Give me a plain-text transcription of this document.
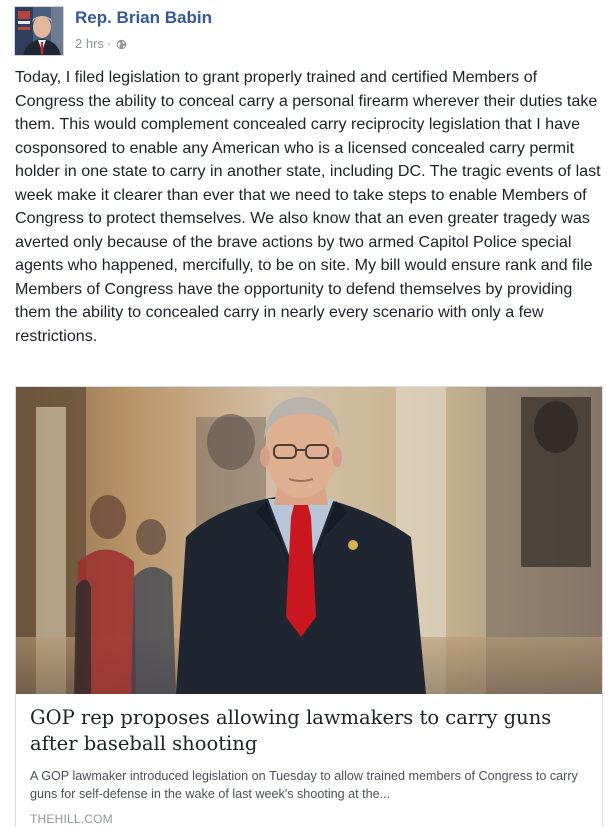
Rep. Brian Babin
2 hrs ·

Today, I filed legislation to grant properly trained and certified Members of Congress the ability to conceal carry a personal firearm wherever their duties take them. This would complement concealed carry reciprocity legislation that I have cosponsored to enable any American who is a licensed concealed carry permit holder in one state to carry in another state, including DC. The tragic events of last week make it clearer than ever that we need to take steps to enable Members of Congress to protect themselves. We also know that an even greater tragedy was averted only because of the brave actions by two armed Capitol Police special agents who happened, mercifully, to be on site. My bill would ensure rank and file Members of Congress have the opportunity to defend themselves by providing them the ability to concealed carry in nearly every scenario with only a few restrictions.

GOP rep proposes allowing lawmakers to carry guns after baseball shooting

A GOP lawmaker introduced legislation on Tuesday to allow trained members of Congress to carry guns for self-defense in the wake of last week's shooting at the...

THEHILL.COM
